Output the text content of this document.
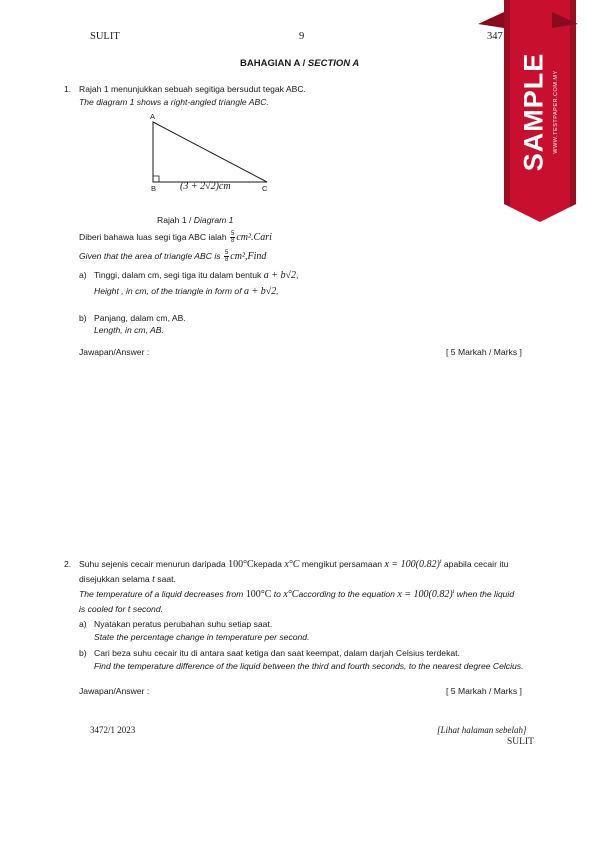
SULIT	9	347
SAMPLE WWW.TESTPAPER.COM.MY
BAHAGIAN A / SECTION A
1. Rajah 1 menunjukkan sebuah segitiga bersudut tegak ABC.
The diagram 1 shows a right-angled triangle ABC.
A
B	C
(3 + 2√2)cm
Rajah 1 / Diagram 1
Diberi bahawa luas segi tiga ABC ialah $\frac{5}{8}$ cm².Cari
Given that the area of triangle ABC is $\frac{5}{8}$ cm²,Find
a) Tinggi, dalam cm, segi tiga itu dalam bentuk a + b√2,
Height , in cm, of the triangle in form of a + b√2,
b) Panjang, dalam cm, AB.
Length, in cm, AB.
Jawapan/Answer :	[ 5 Markah / Marks ]
2. Suhu sejenis cecair menurun daripada 100°Ckepada x°C mengikut persamaan $x = 100(0.82)^t$ apabila cecair itu
disejukkan selama t saat.
The temperature of a liquid decreases from 100°C to x°Caccording to the equation $x = 100(0.82)^t$ when the liquid
is cooled for t second.
a) Nyatakan peratus perubahan suhu setiap saat.
State the percentage change in temperature per second.
b) Cari beza suhu cecair itu di antara saat ketiga dan saat keempat, dalam darjah Celsius terdekat.
Find the temperature difference of the liquid between the third and fourth seconds, to the nearest degree Celcius.
Jawapan/Answer :	[ 5 Markah / Marks ]
3472/1 2023	[Lihat halaman sebelah]
SULIT
